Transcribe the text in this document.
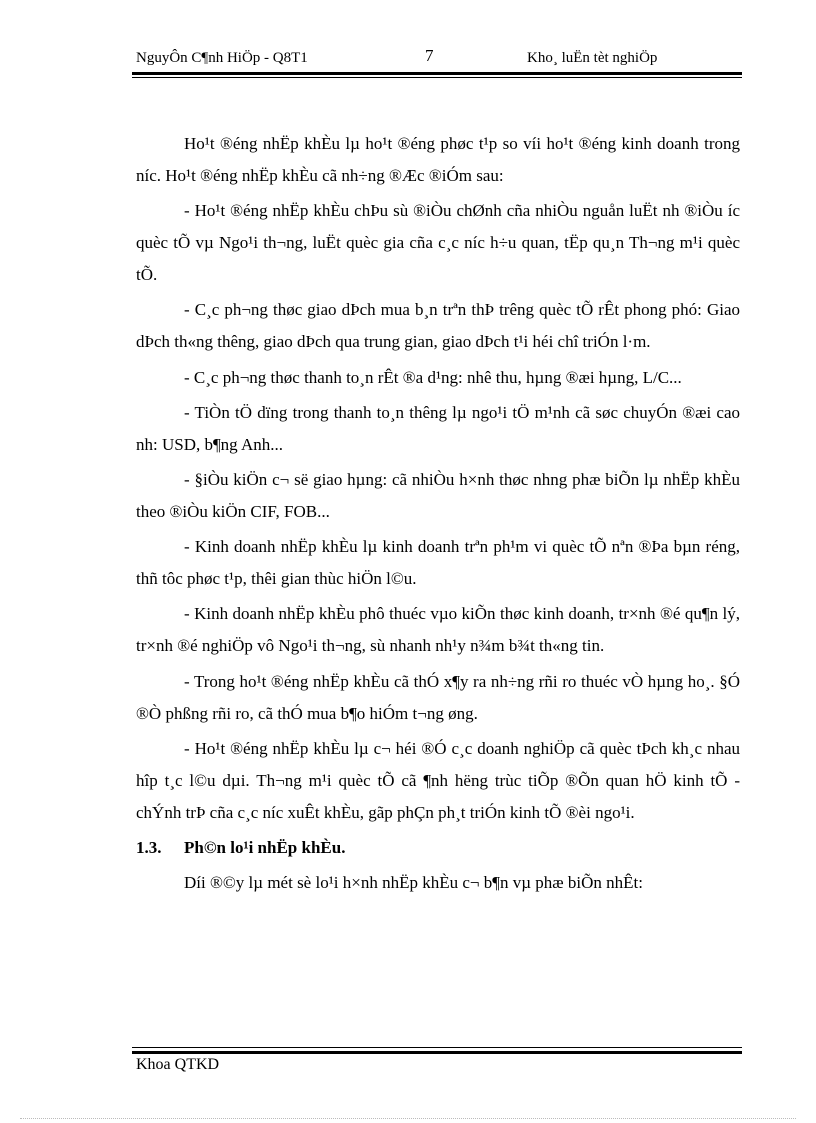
NguyÔn C¶nh HiÖp - Q8T1	7	Kho¸ luËn tèt nghiÖp

Ho¹t ®éng nhËp khÈu lµ ho¹t ®éng phøc t¹p so víi ho¹t ®éng kinh doanh trong níc. Ho¹t ®éng nhËp khÈu cã nh÷ng ®Æc ®iÓm sau:

- Ho¹t ®éng nhËp khÈu chÞu sù ®iÒu chØnh cña nhiÒu nguån luËt nh ®iÒu íc quèc tÕ vµ Ngo¹i th¬ng, luËt quèc gia cña c¸c níc h÷u quan, tËp qu¸n Th¬ng m¹i quèc tÕ.

- C¸c ph¬ng thøc giao dÞch mua b¸n trªn thÞ trêng quèc tÕ rÊt phong phó: Giao dÞch th«ng thêng, giao dÞch qua trung gian, giao dÞch t¹i héi chî triÓn l·m.

- C¸c ph¬ng thøc thanh to¸n rÊt ®a d¹ng: nhê thu, hµng ®æi hµng, L/C...

- TiÒn tÖ dïng trong thanh to¸n thêng lµ ngo¹i tÖ m¹nh cã søc chuyÓn ®æi cao nh: USD, b¶ng Anh...

- §iÒu kiÖn c¬ së giao hµng: cã nhiÒu h×nh thøc nhng phæ biÕn lµ nhËp khÈu theo ®iÒu kiÖn CIF, FOB...

- Kinh doanh nhËp khÈu lµ kinh doanh trªn ph¹m vi quèc tÕ nªn ®Þa bµn réng, thñ tôc phøc t¹p, thêi gian thùc hiÖn l©u.

- Kinh doanh nhËp khÈu phô thuéc vµo kiÕn thøc kinh doanh, tr×nh ®é qu¶n lý, tr×nh ®é nghiÖp vô Ngo¹i th¬ng, sù nhanh nh¹y n¾m b¾t th«ng tin.

- Trong ho¹t ®éng nhËp khÈu cã thÓ x¶y ra nh÷ng rñi ro thuéc vÒ hµng ho¸. §Ó ®Ò phßng rñi ro, cã thÓ mua b¶o hiÓm t¬ng øng.

- Ho¹t ®éng nhËp khÈu lµ c¬ héi ®Ó c¸c doanh nghiÖp cã quèc tÞch kh¸c nhau hîp t¸c l©u dµi. Th¬ng m¹i quèc tÕ cã ¶nh hëng trùc tiÕp ®Õn quan hÖ kinh tÕ - chÝnh trÞ cña c¸c níc xuÊt khÈu, gãp phÇn ph¸t triÓn kinh tÕ ®èi ngo¹i.

1.3. Ph©n lo¹i nhËp khÈu.

Díi ®©y lµ mét sè lo¹i h×nh nhËp khÈu c¬ b¶n vµ phæ biÕn nhÊt:

Khoa QTKD
